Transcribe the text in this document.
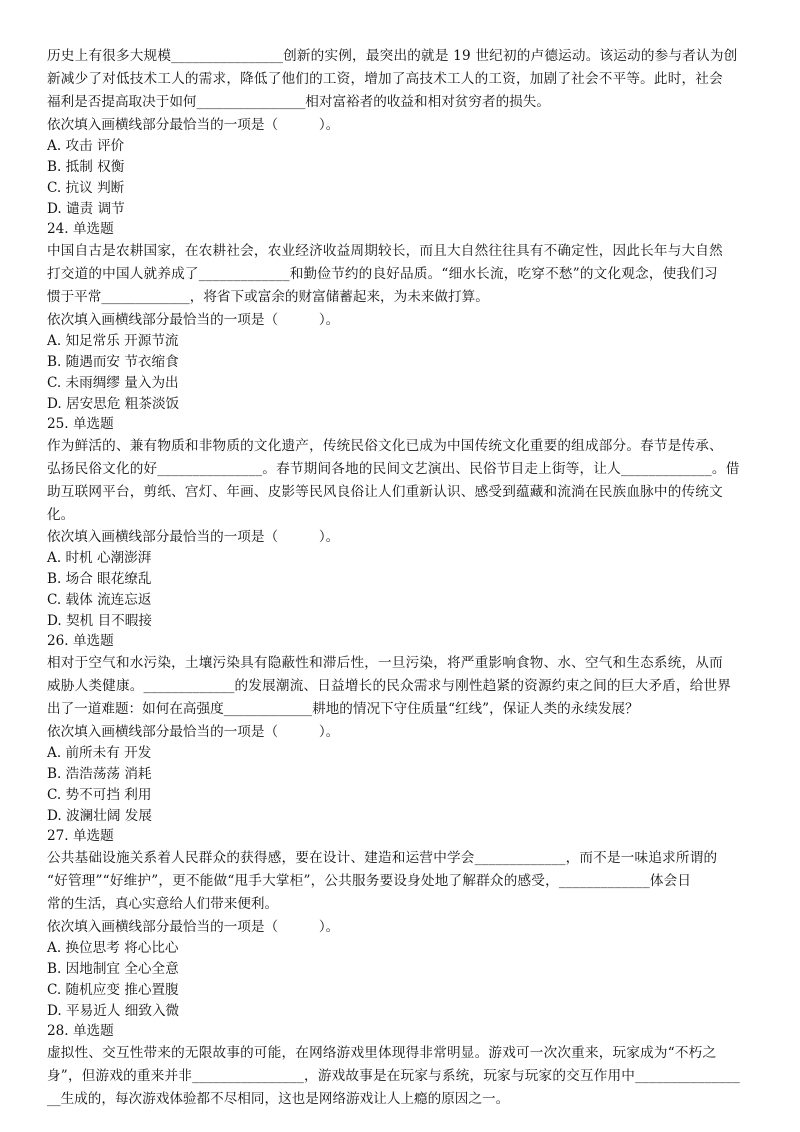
历史上有很多大规模________________创新的实例，最突出的就是 19 世纪初的卢德运动。该运动的参与者认为创
新减少了对低技术工人的需求，降低了他们的工资，增加了高技术工人的工资，加剧了社会不平等。此时，社会
福利是否提高取决于如何________________相对富裕者的收益和相对贫穷者的损失。
依次填入画横线部分最恰当的一项是（　　　）。
A. 攻击 评价
B. 抵制 权衡
C. 抗议 判断
D. 谴责 调节
24. 单选题
中国自古是农耕国家，在农耕社会，农业经济收益周期较长，而且大自然往往具有不确定性，因此长年与大自然
打交道的中国人就养成了_____________和勤俭节约的良好品质。“细水长流，吃穿不愁”的文化观念，使我们习
惯于平常_____________，将省下或富余的财富储蓄起来，为未来做打算。
依次填入画横线部分最恰当的一项是（　　　）。
A. 知足常乐 开源节流
B. 随遇而安 节衣缩食
C. 未雨绸缪 量入为出
D. 居安思危 粗茶淡饭
25. 单选题
作为鲜活的、兼有物质和非物质的文化遗产，传统民俗文化已成为中国传统文化重要的组成部分。春节是传承、
弘扬民俗文化的好_______________。春节期间各地的民间文艺演出、民俗节目走上街等，让人_____________。借
助互联网平台，剪纸、宫灯、年画、皮影等民风良俗让人们重新认识、感受到蕴藏和流淌在民族血脉中的传统文
化。
依次填入画横线部分最恰当的一项是（　　　）。
A. 时机 心潮澎湃
B. 场合 眼花缭乱
C. 载体 流连忘返
D. 契机 目不暇接
26. 单选题
相对于空气和水污染，土壤污染具有隐蔽性和滞后性，一旦污染，将严重影响食物、水、空气和生态系统，从而
威胁人类健康。_____________的发展潮流、日益增长的民众需求与刚性趋紧的资源约束之间的巨大矛盾，给世界
出了一道难题：如何在高强度_____________耕地的情况下守住质量“红线”，保证人类的永续发展？
依次填入画横线部分最恰当的一项是（　　　）。
A. 前所未有 开发
B. 浩浩荡荡 消耗
C. 势不可挡 利用
D. 波澜壮阔 发展
27. 单选题
公共基础设施关系着人民群众的获得感，要在设计、建造和运营中学会_____________，而不是一味追求所谓的
“好管理”“好维护”，更不能做“甩手大掌柜”，公共服务要设身处地了解群众的感受，_____________体会日
常的生活，真心实意给人们带来便利。
依次填入画横线部分最恰当的一项是（　　　）。
A. 换位思考 将心比心
B. 因地制宜 全心全意
C. 随机应变 推心置腹
D. 平易近人 细致入微
28. 单选题
虚拟性、交互性带来的无限故事的可能，在网络游戏里体现得非常明显。游戏可一次次重来，玩家成为“不朽之
身”，但游戏的重来并非________________，游戏故事是在玩家与系统，玩家与玩家的交互作用中_______________
__生成的，每次游戏体验都不尽相同，这也是网络游戏让人上瘾的原因之一。
